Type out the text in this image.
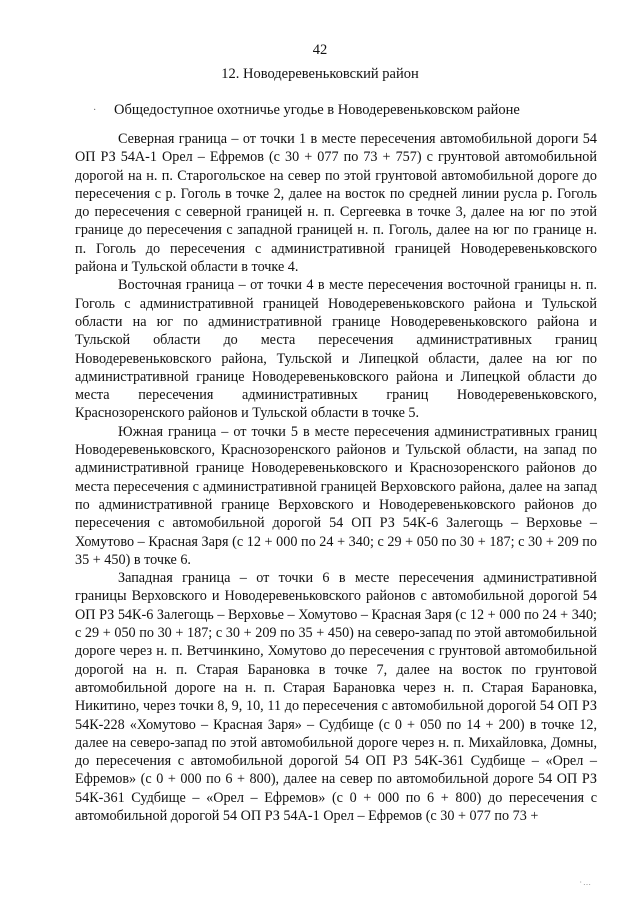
42
12. Новодеревеньковский район
· Общедоступное охотничье угодье в Новодеревеньковском районе

Северная граница – от точки 1 в месте пересечения автомобильной дороги 54 ОП РЗ 54А-1 Орел – Ефремов (с 30 + 077 по 73 + 757) с грунтовой автомобильной дорогой на н. п. Старогольское на север по этой грунтовой автомобильной дороге до пересечения с р. Гоголь в точке 2, далее на восток по средней линии русла р. Гоголь до пересечения с северной границей н. п. Сергеевка в точке 3, далее на юг по этой границе до пересечения с западной границей н. п. Гоголь, далее на юг по границе н. п. Гоголь до пересечения с административной границей Новодеревеньковского района и Тульской области в точке 4.

Восточная граница – от точки 4 в месте пересечения восточной границы н. п. Гоголь с административной границей Новодеревеньковского района и Тульской области на юг по административной границе Новодеревеньковского района и Тульской области до места пересечения административных границ Новодеревеньковского района, Тульской и Липецкой области, далее на юг по административной границе Новодеревеньковского района и Липецкой области до места пересечения административных границ Новодеревеньковского, Краснозоренского районов и Тульской области в точке 5.

Южная граница – от точки 5 в месте пересечения административных границ Новодеревеньковского, Краснозоренского районов и Тульской области, на запад по административной границе Новодеревеньковского и Краснозоренского районов до места пересечения с административной границей Верховского района, далее на запад по административной границе Верховского и Новодеревеньковского районов до пересечения с автомобильной дорогой 54 ОП РЗ 54К-6 Залегощь – Верховье – Хомутово – Красная Заря (с 12 + 000 по 24 + 340; с 29 + 050 по 30 + 187; с 30 + 209 по 35 + 450) в точке 6.

Западная граница – от точки 6 в месте пересечения административной границы Верховского и Новодеревеньковского районов с автомобильной дорогой 54 ОП РЗ 54К-6 Залегощь – Верховье – Хомутово – Красная Заря (с 12 + 000 по 24 + 340; с 29 + 050 по 30 + 187; с 30 + 209 по 35 + 450) на северо-запад по этой автомобильной дороге через н. п. Ветчинкино, Хомутово до пересечения с грунтовой автомобильной дорогой на н. п. Старая Барановка в точке 7, далее на восток по грунтовой автомобильной дороге на н. п. Старая Барановка через н. п. Старая Барановка, Никитино, через точки 8, 9, 10, 11 до пересечения с автомобильной дорогой 54 ОП РЗ 54К-228 «Хомутово – Красная Заря» – Судбище (с 0 + 050 по 14 + 200) в точке 12, далее на северо-запад по этой автомобильной дороге через н. п. Михайловка, Домны, до пересечения с автомобильной дорогой 54 ОП РЗ 54К-361 Судбище – «Орел – Ефремов» (с 0 + 000 по 6 + 800), далее на север по автомобильной дороге 54 ОП РЗ 54К-361 Судбище – «Орел – Ефремов» (с 0 + 000 по 6 + 800) до пересечения с автомобильной дорогой 54 ОП РЗ 54А-1 Орел – Ефремов (с 30 + 077 по 73 +

·…
